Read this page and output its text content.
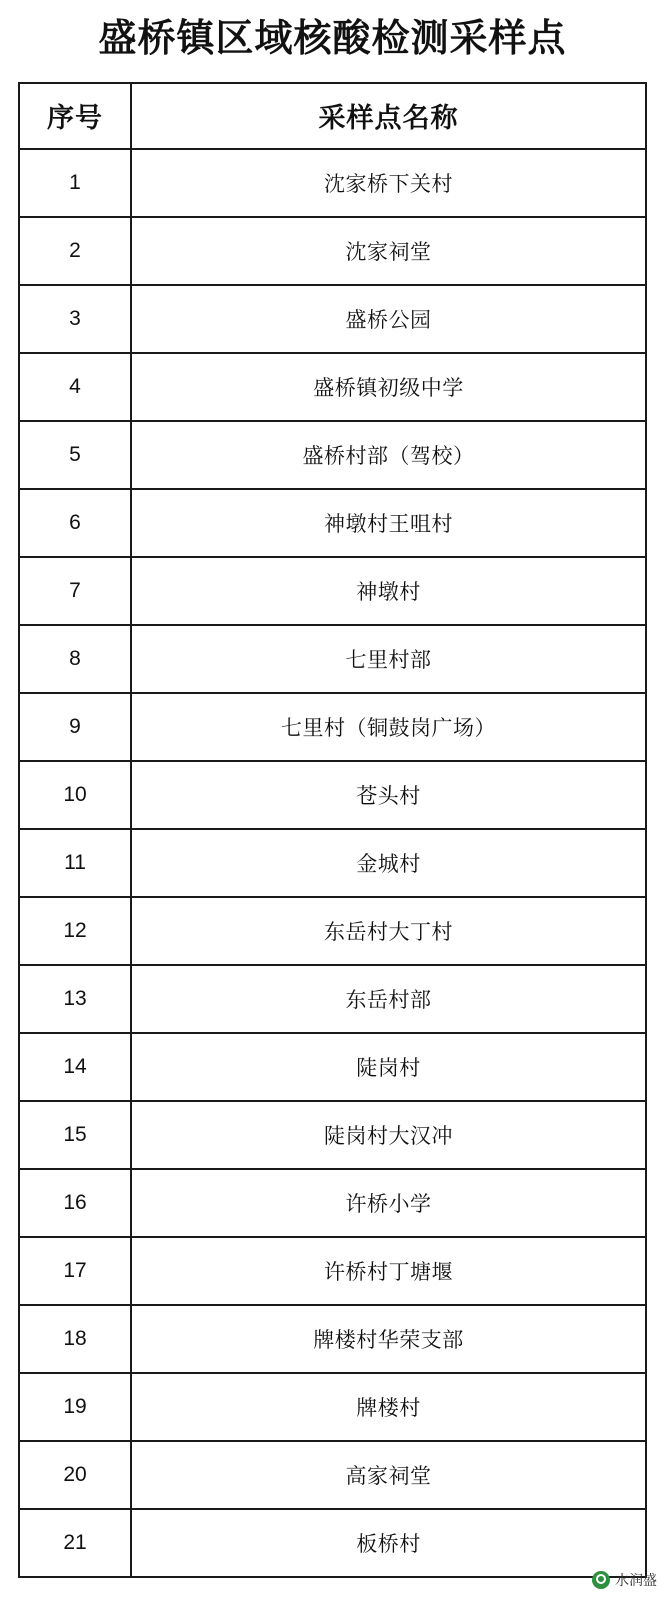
盛桥镇区域核酸检测采样点
序号	采样点名称
1	沈家桥下关村
2	沈家祠堂
3	盛桥公园
4	盛桥镇初级中学
5	盛桥村部（驾校）
6	神墩村王咀村
7	神墩村
8	七里村部
9	七里村（铜鼓岗广场）
10	苍头村
11	金城村
12	东岳村大丁村
13	东岳村部
14	陡岗村
15	陡岗村大汉冲
16	许桥小学
17	许桥村丁塘堰
18	牌楼村华荣支部
19	牌楼村
20	高家祠堂
21	板桥村
水润盛
